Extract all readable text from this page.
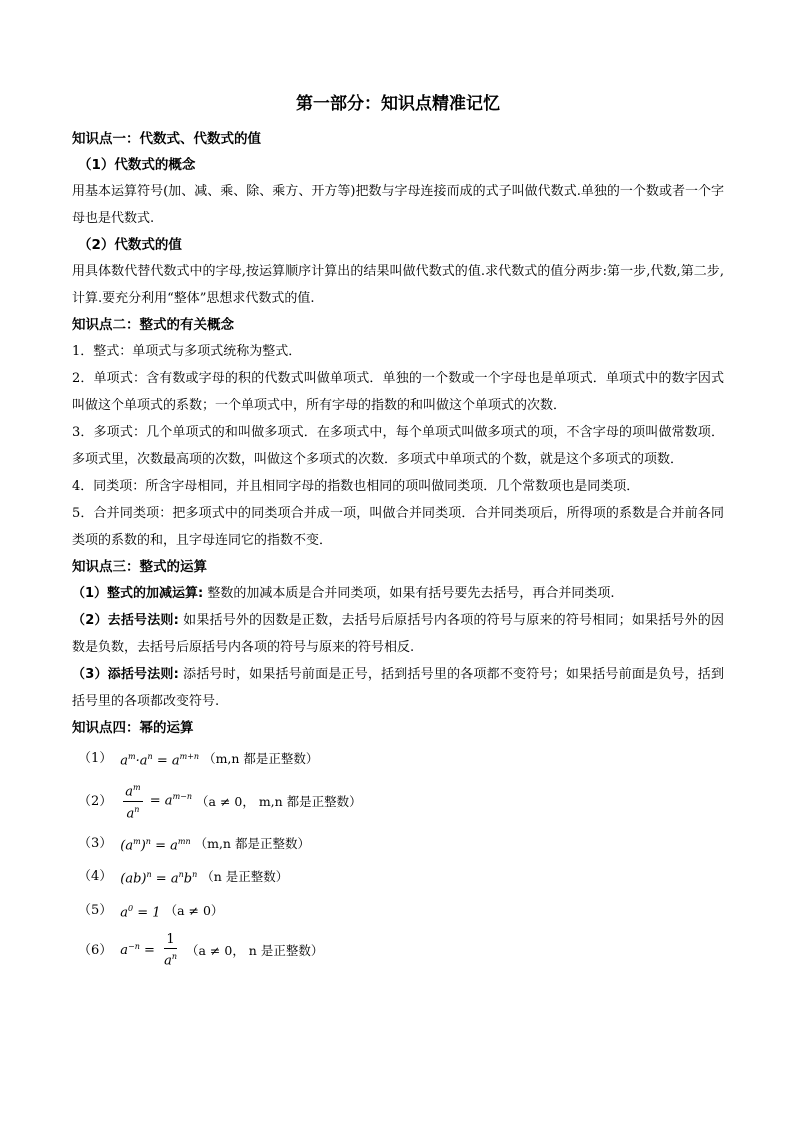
第一部分：知识点精准记忆

知识点一：代数式、代数式的值

（1）代数式的概念

用基本运算符号(加、减、乘、除、乘方、开方等)把数与字母连接而成的式子叫做代数式.单独的一个数或者一个字母也是代数式.

（2）代数式的值

用具体数代替代数式中的字母,按运算顺序计算出的结果叫做代数式的值.求代数式的值分两步:第一步,代数,第二步,计算.要充分利用“整体”思想求代数式的值.

知识点二：整式的有关概念

1．整式：单项式与多项式统称为整式．

2．单项式：含有数或字母的积的代数式叫做单项式．单独的一个数或一个字母也是单项式．单项式中的数字因式叫做这个单项式的系数；一个单项式中，所有字母的指数的和叫做这个单项式的次数．

3．多项式：几个单项式的和叫做多项式．在多项式中，每个单项式叫做多项式的项，不含字母的项叫做常数项．多项式里，次数最高项的次数，叫做这个多项式的次数．多项式中单项式的个数，就是这个多项式的项数．

4．同类项：所含字母相同，并且相同字母的指数也相同的项叫做同类项．几个常数项也是同类项．

5．合并同类项：把多项式中的同类项合并成一项，叫做合并同类项．合并同类项后，所得项的系数是合并前各同类项的系数的和，且字母连同它的指数不变．

知识点三：整式的运算

（1）整式的加减运算: 整数的加减本质是合并同类项，如果有括号要先去括号，再合并同类项.

（2）去括号法则: 如果括号外的因数是正数，去括号后原括号内各项的符号与原来的符号相同；如果括号外的因数是负数，去括号后原括号内各项的符号与原来的符号相反.

（3）添括号法则: 添括号时，如果括号前面是正号，括到括号里的各项都不变符号；如果括号前面是负号，括到括号里的各项都改变符号.

知识点四：幂的运算

（1） $a^m\cdot a^n = a^{m+n}$ （m,n 都是正整数）
$(2) \frac{a^m}{a^n} = a^{m-n}$ （a ≠ 0， m,n 都是正整数）
（3） $(a^m)^n = a^{mn}$ （m,n 都是正整数）
（4） $(ab)^n = a^nb^n$ （n 是正整数）
（5） $a^0 = 1$ （a ≠ 0）
（6） $a^{-n} = \frac{1}{a^n} (a \ne 0$， n 是正整数）
